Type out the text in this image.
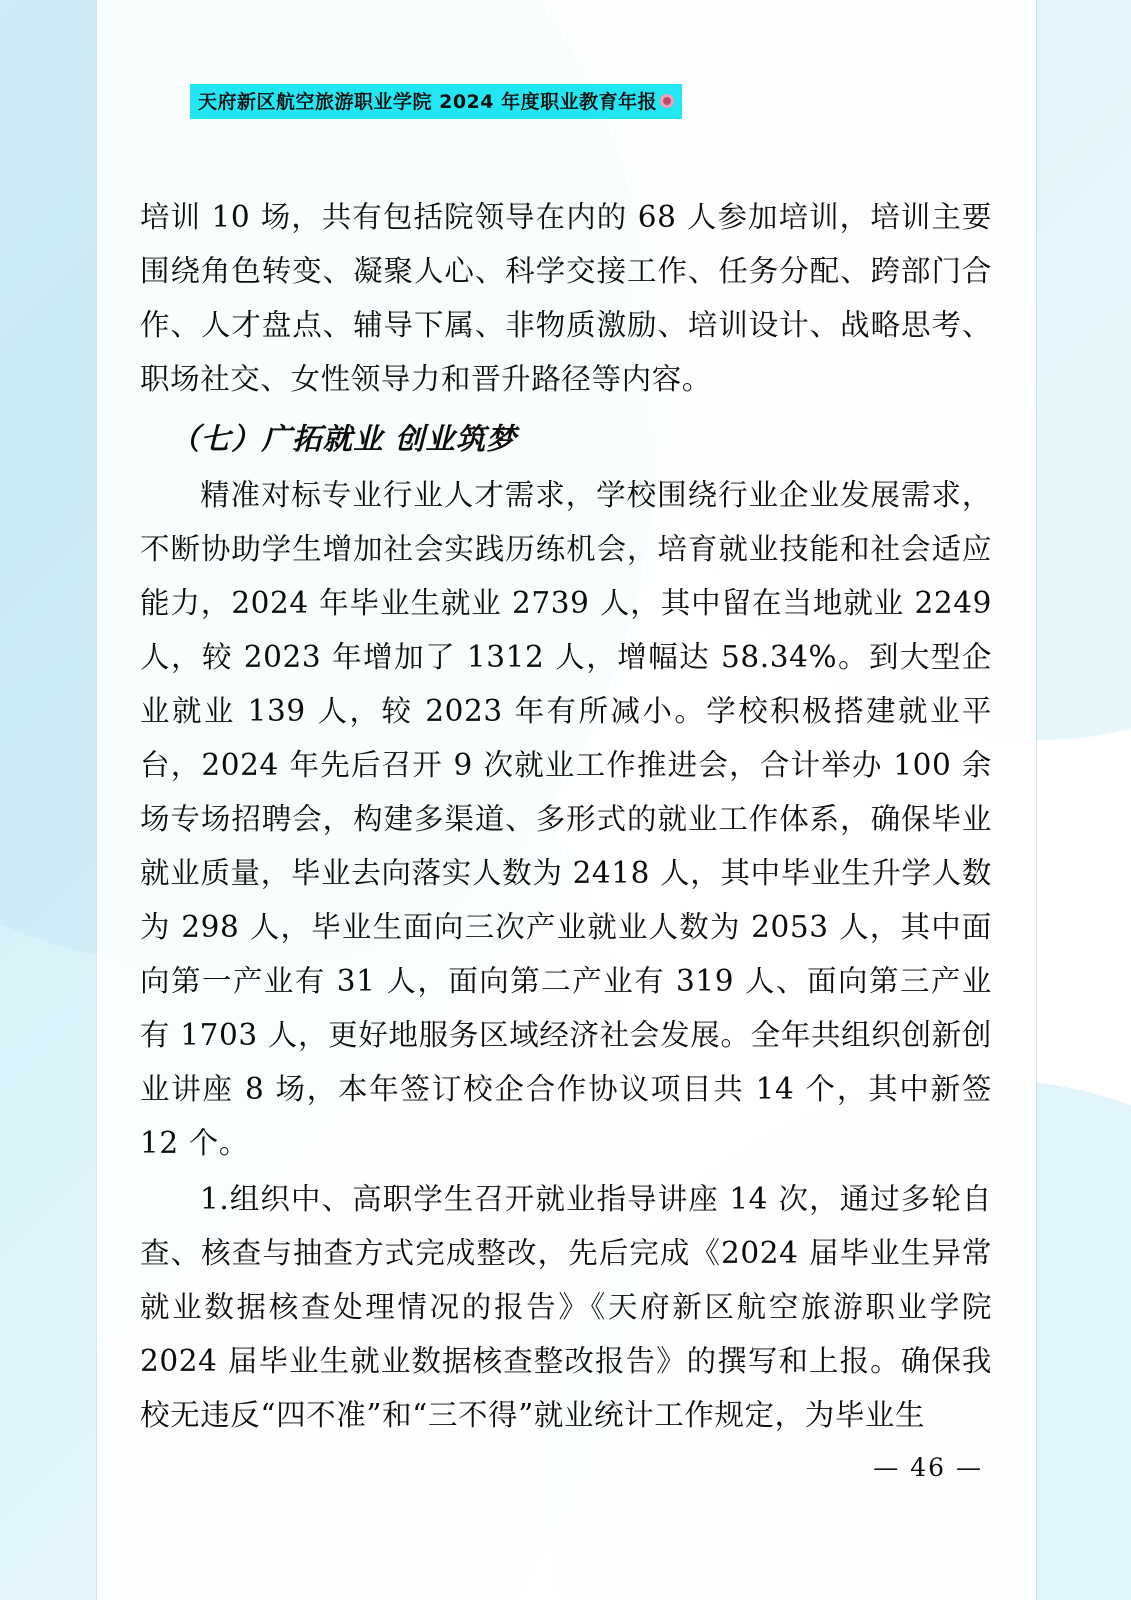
天府新区航空旅游职业学院 2024 年度职业教育年报

培训 10 场，共有包括院领导在内的 68 人参加培训，培训主要围绕角色转变、凝聚人心、科学交接工作、任务分配、跨部门合作、人才盘点、辅导下属、非物质激励、培训设计、战略思考、职场社交、女性领导力和晋升路径等内容。

（七）广拓就业 创业筑梦

精准对标专业行业人才需求，学校围绕行业企业发展需求，不断协助学生增加社会实践历练机会，培育就业技能和社会适应能力，2024 年毕业生就业 2739 人，其中留在当地就业 2249 人，较 2023 年增加了 1312 人，增幅达 58.34%。到大型企业就业 139 人，较 2023 年有所减小。学校积极搭建就业平台，2024 年先后召开 9 次就业工作推进会，合计举办 100 余场专场招聘会，构建多渠道、多形式的就业工作体系，确保毕业就业质量，毕业去向落实人数为 2418 人，其中毕业生升学人数为 298 人，毕业生面向三次产业就业人数为 2053 人，其中面向第一产业有 31 人，面向第二产业有 319 人、面向第三产业有 1703 人，更好地服务区域经济社会发展。全年共组织创新创业讲座 8 场，本年签订校企合作协议项目共 14 个，其中新签 12 个。

1.组织中、高职学生召开就业指导讲座 14 次，通过多轮自查、核查与抽查方式完成整改，先后完成《2024 届毕业生异常就业数据核查处理情况的报告》《天府新区航空旅游职业学院 2024 届毕业生就业数据核查整改报告》的撰写和上报。确保我校无违反“四不准”和“三不得”就业统计工作规定，为毕业生

— 46 —
